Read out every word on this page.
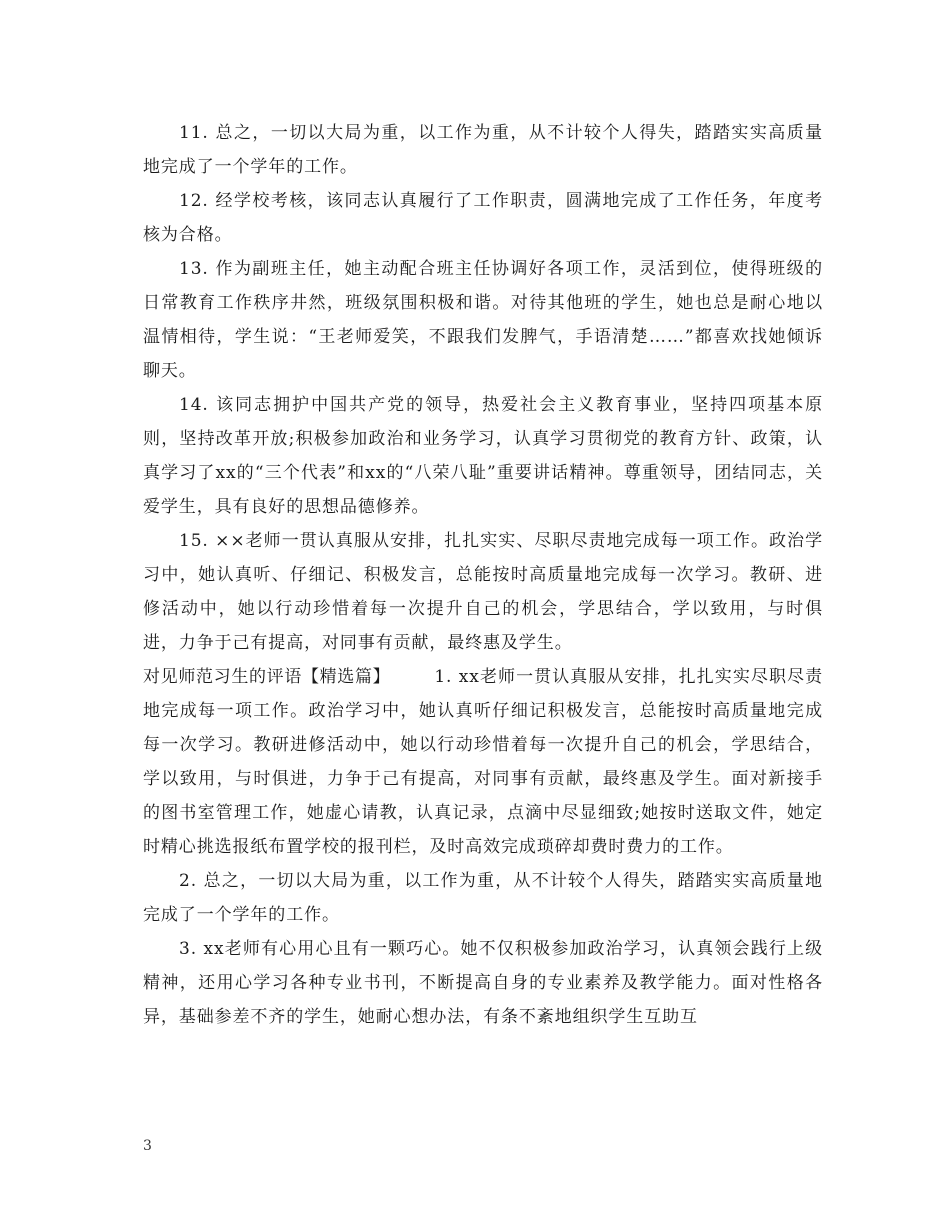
11. 总之，一切以大局为重，以工作为重，从不计较个人得失，踏踏实实高质量地完成了一个学年的工作。

12. 经学校考核，该同志认真履行了工作职责，圆满地完成了工作任务，年度考核为合格。

13. 作为副班主任，她主动配合班主任协调好各项工作，灵活到位，使得班级的日常教育工作秩序井然，班级氛围积极和谐。对待其他班的学生，她也总是耐心地以温情相待，学生说：“王老师爱笑，不跟我们发脾气，手语清楚……”都喜欢找她倾诉聊天。

14. 该同志拥护中国共产党的领导，热爱社会主义教育事业，坚持四项基本原则，坚持改革开放;积极参加政治和业务学习，认真学习贯彻党的教育方针、政策，认真学习了xx的“三个代表”和xx的“八荣八耻”重要讲话精神。尊重领导，团结同志，关爱学生，具有良好的思想品德修养。

15. ××老师一贯认真服从安排，扎扎实实、尽职尽责地完成每一项工作。政治学习中，她认真听、仔细记、积极发言，总能按时高质量地完成每一次学习。教研、进修活动中，她以行动珍惜着每一次提升自己的机会，学思结合，学以致用，与时俱进，力争于己有提高，对同事有贡献，最终惠及学生。

对见师范习生的评语【精选篇】	1. xx老师一贯认真服从安排，扎扎实实尽职尽责地完成每一项工作。政治学习中，她认真听仔细记积极发言，总能按时高质量地完成每一次学习。教研进修活动中，她以行动珍惜着每一次提升自己的机会，学思结合，学以致用，与时俱进，力争于己有提高，对同事有贡献，最终惠及学生。面对新接手的图书室管理工作，她虚心请教，认真记录，点滴中尽显细致;她按时送取文件，她定时精心挑选报纸布置学校的报刊栏，及时高效完成琐碎却费时费力的工作。

2. 总之，一切以大局为重，以工作为重，从不计较个人得失，踏踏实实高质量地完成了一个学年的工作。

3. xx老师有心用心且有一颗巧心。她不仅积极参加政治学习，认真领会践行上级精神，还用心学习各种专业书刊，不断提高自身的专业素养及教学能力。面对性格各异，基础参差不齐的学生，她耐心想办法，有条不紊地组织学生互助互

3
